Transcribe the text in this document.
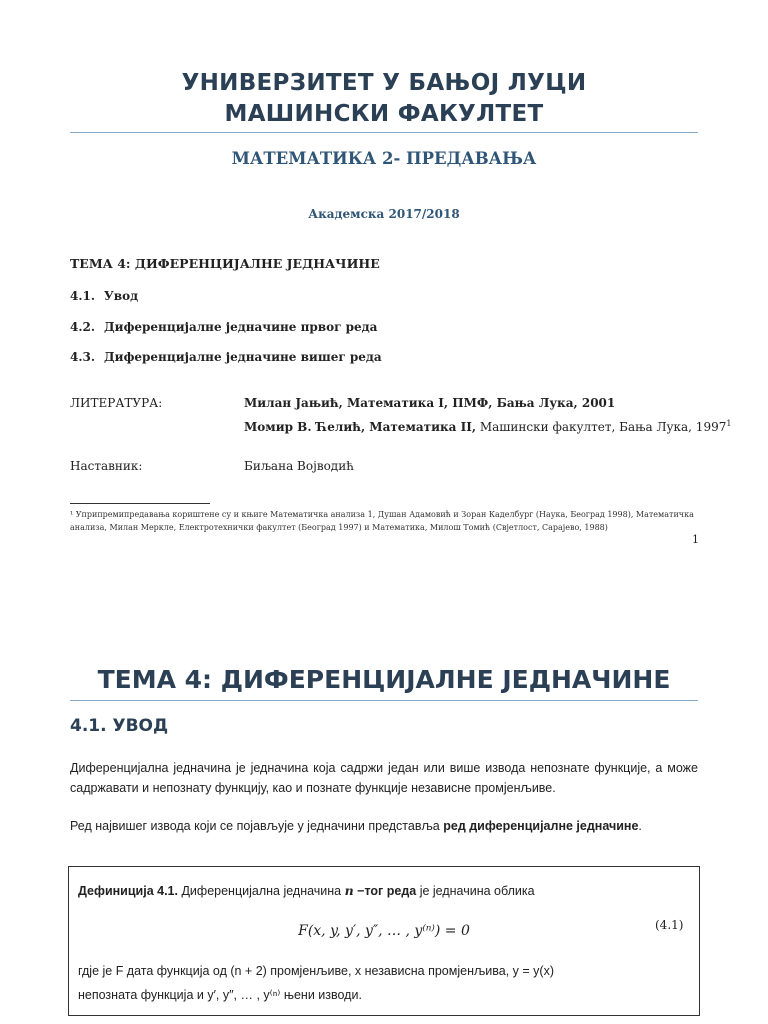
УНИВЕРЗИТЕТ У БАЊОЈ ЛУЦИ
МАШИНСКИ ФАКУЛТЕТ
МАТЕМАТИКА 2- ПРЕДАВАЊА
Академска 2017/2018
ТЕМА 4: ДИФЕРЕНЦИЈАЛНЕ ЈЕДНАЧИНЕ
4.1. Увод
4.2. Диференцијалне једначине првог реда
4.3. Диференцијалне једначине вишег реда
ЛИТЕРАТУРА:	Милан Јањић, Математика I, ПМФ, Бања Лука, 2001
Момир В. Ћелић, Математика II, Машински факултет, Бања Лука, 1997$^1$
Наставник:	Биљана Војводић
¹ Уприпремипредавања кориштене су и књиге Математичка анализа 1, Душан Адамовић и Зоран Каделбург (Наука, Београд 1998), Математичка анализа, Милан Меркле, Електротехнички факултет (Београд 1997) и Математика, Милош Томић (Свјетлост, Сарајево, 1988)
1
ТЕМА 4: ДИФЕРЕНЦИЈАЛНЕ ЈЕДНАЧИНЕ
4.1. УВОД
Диференцијална једначина је једначина која садржи један или више извода непознате функције, а може садржавати и непознату функцију, као и познате функције независне промјенљиве.
Ред највишег извода који се појављује у једначини представља ред диференцијалне једначине.
Дефиниција 4.1. Диференцијална једначина n −тог реда је једначина облика
F(x, y, y′, y″, … , y⁽ⁿ⁾) = 0	(4.1)
гдје је F дата функција од (n + 2) промјенљиве, x независна промјенљива, y = y(x)
непозната функција и y′, y″, … , y⁽ⁿ⁾ њени изводи.
